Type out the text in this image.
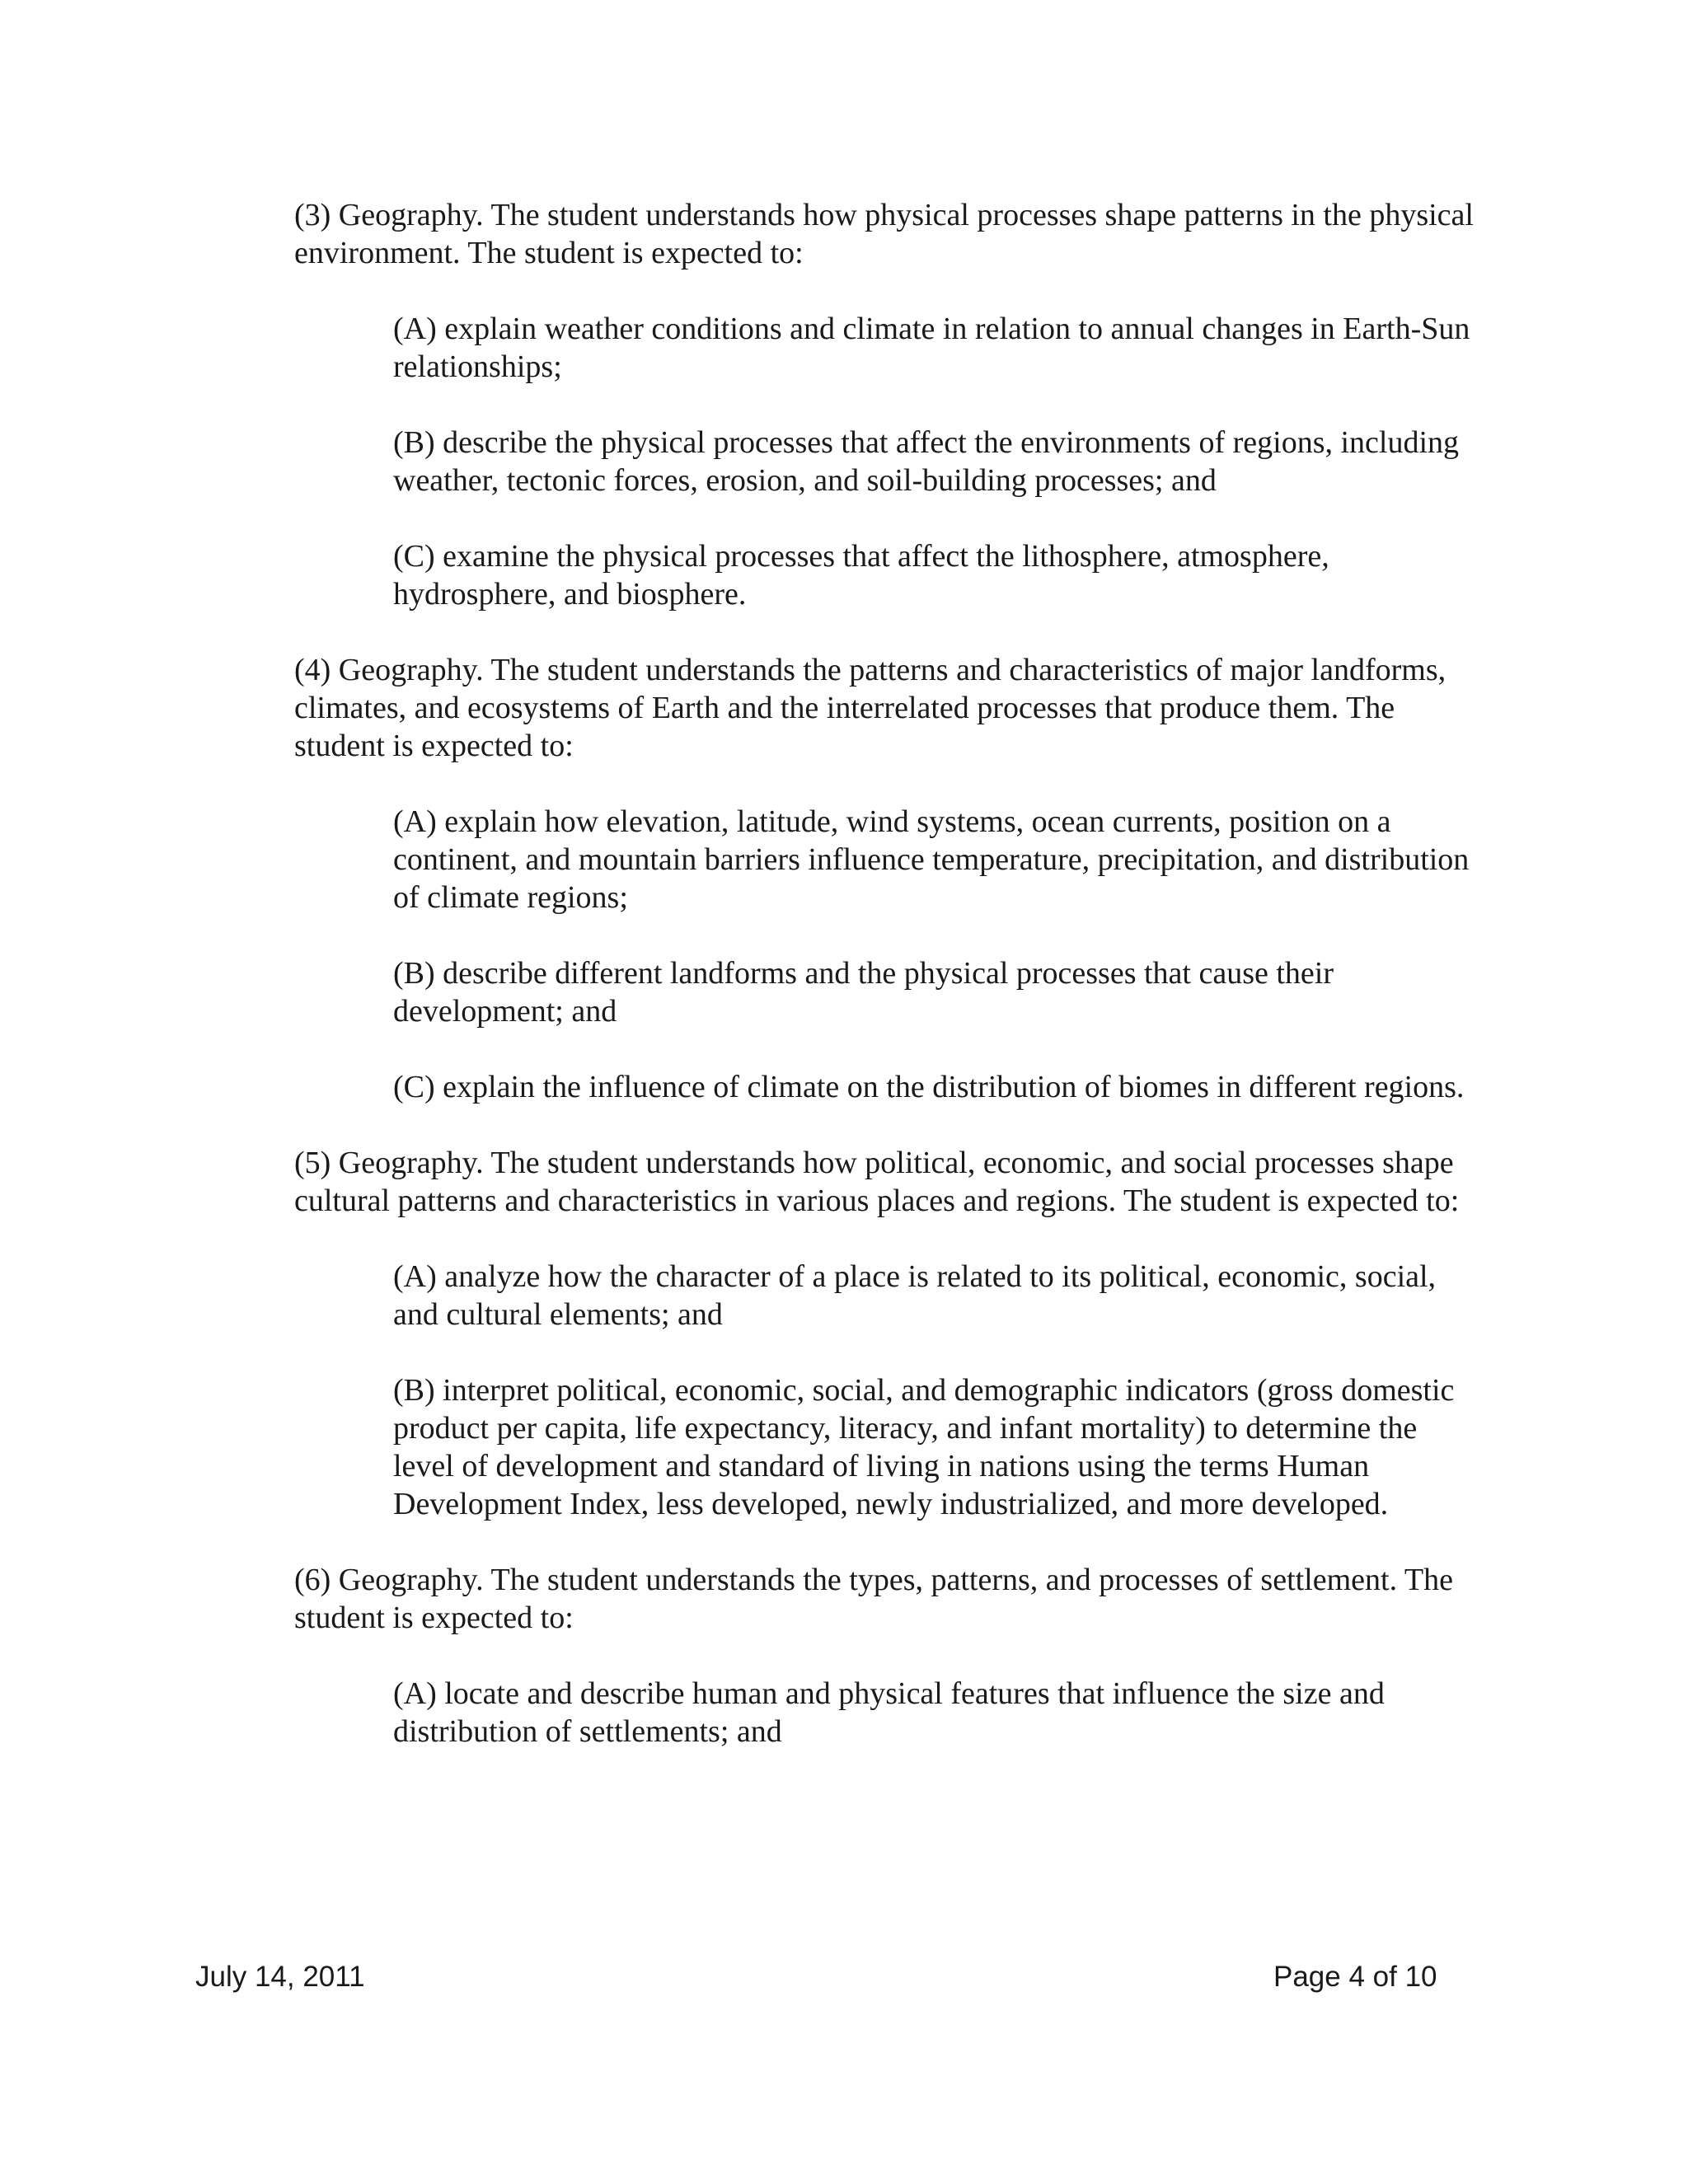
(3) Geography. The student understands how physical processes shape patterns in the physical environment. The student is expected to:

(A) explain weather conditions and climate in relation to annual changes in Earth-Sun relationships;

(B) describe the physical processes that affect the environments of regions, including weather, tectonic forces, erosion, and soil-building processes; and

(C) examine the physical processes that affect the lithosphere, atmosphere, hydrosphere, and biosphere.

(4) Geography. The student understands the patterns and characteristics of major landforms, climates, and ecosystems of Earth and the interrelated processes that produce them. The student is expected to:

(A) explain how elevation, latitude, wind systems, ocean currents, position on a continent, and mountain barriers influence temperature, precipitation, and distribution of climate regions;

(B) describe different landforms and the physical processes that cause their development; and

(C) explain the influence of climate on the distribution of biomes in different regions.

(5) Geography. The student understands how political, economic, and social processes shape cultural patterns and characteristics in various places and regions. The student is expected to:

(A) analyze how the character of a place is related to its political, economic, social, and cultural elements; and

(B) interpret political, economic, social, and demographic indicators (gross domestic product per capita, life expectancy, literacy, and infant mortality) to determine the level of development and standard of living in nations using the terms Human Development Index, less developed, newly industrialized, and more developed.

(6) Geography. The student understands the types, patterns, and processes of settlement. The student is expected to:

(A) locate and describe human and physical features that influence the size and distribution of settlements; and

July 14, 2011	Page 4 of 10
